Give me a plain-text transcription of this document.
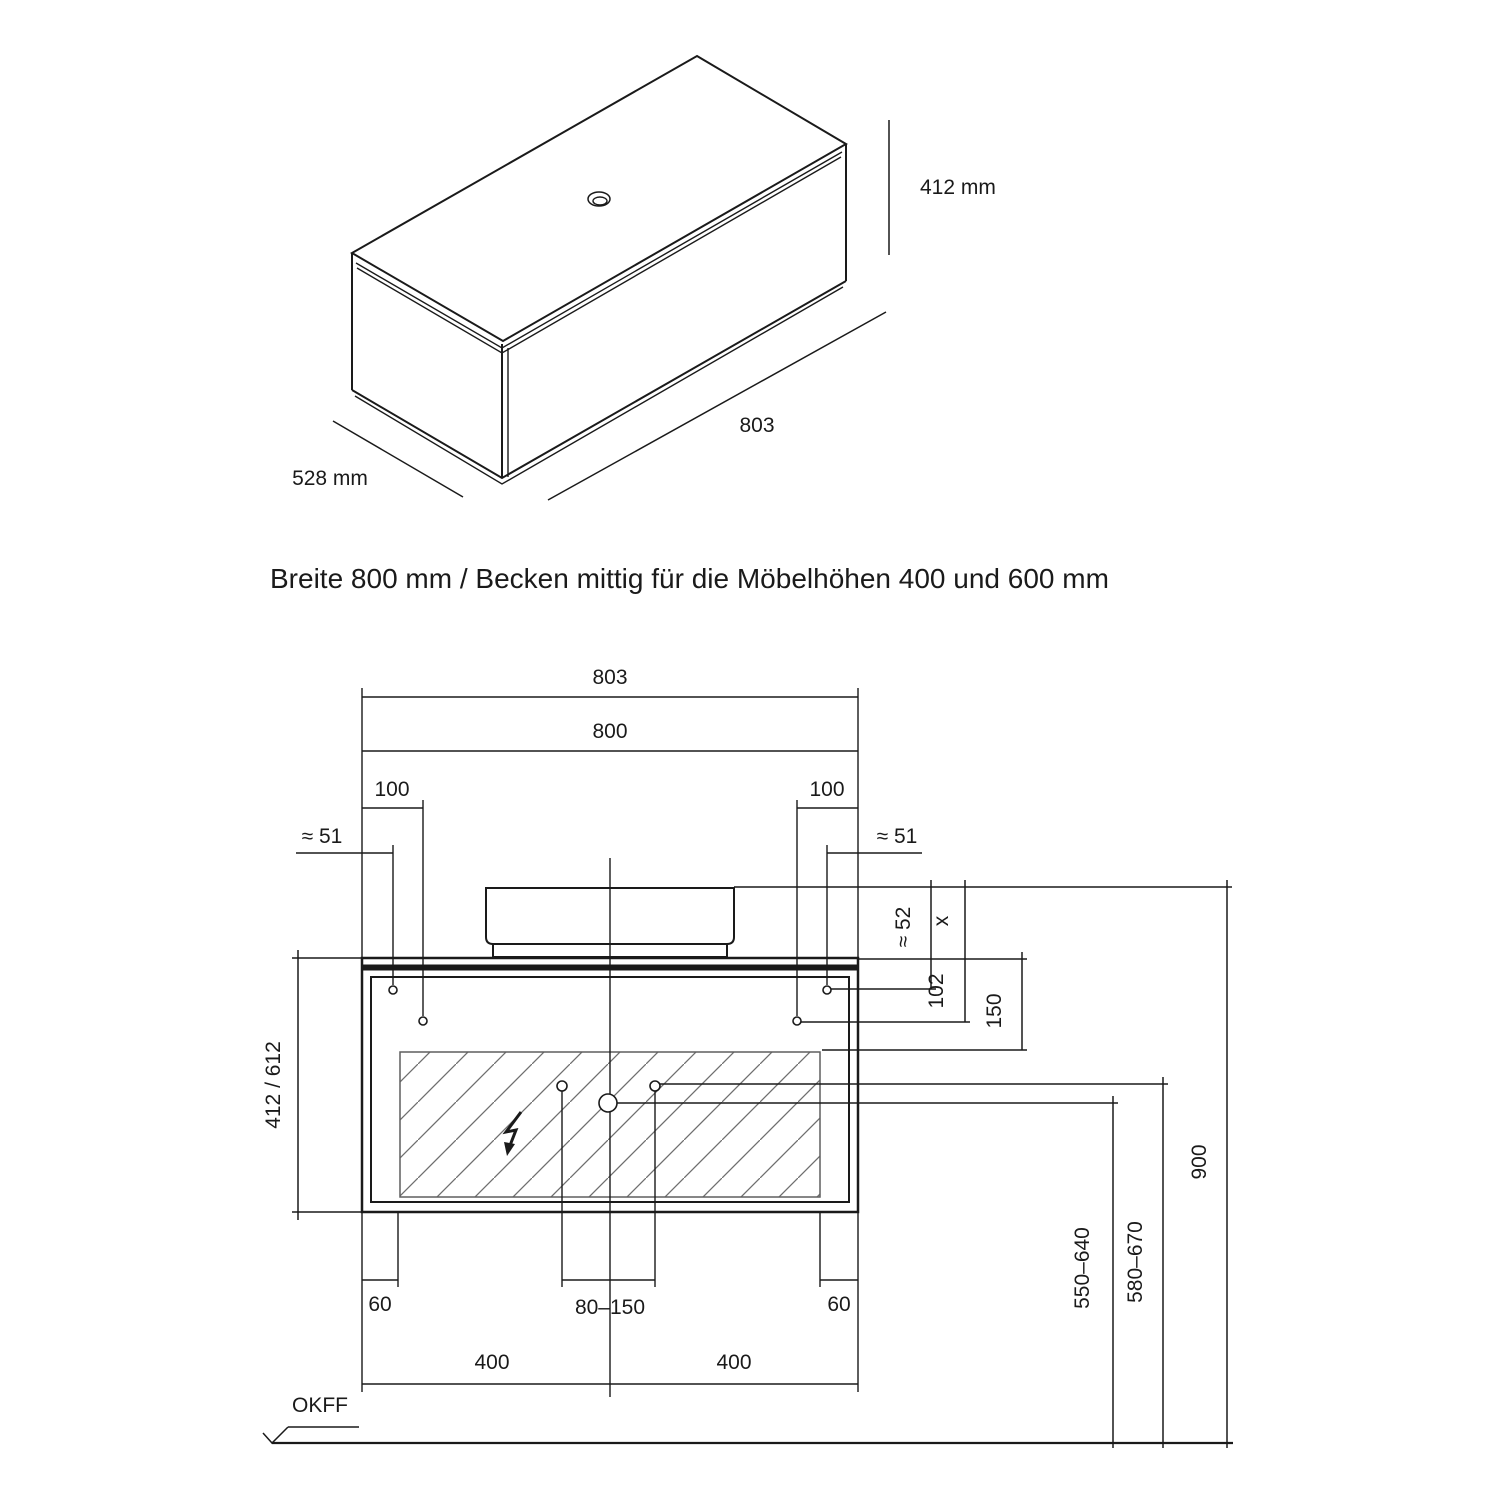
412 mm
803
528 mm
Breite 800 mm / Becken mittig für die Möbelhöhen 400 und 600 mm
803
800
100	100
≈ 51	≈ 51
≈ 52 x
102
150
412 / 612
550–640 580–670
900
60	80–150	60
400	400
OKFF
